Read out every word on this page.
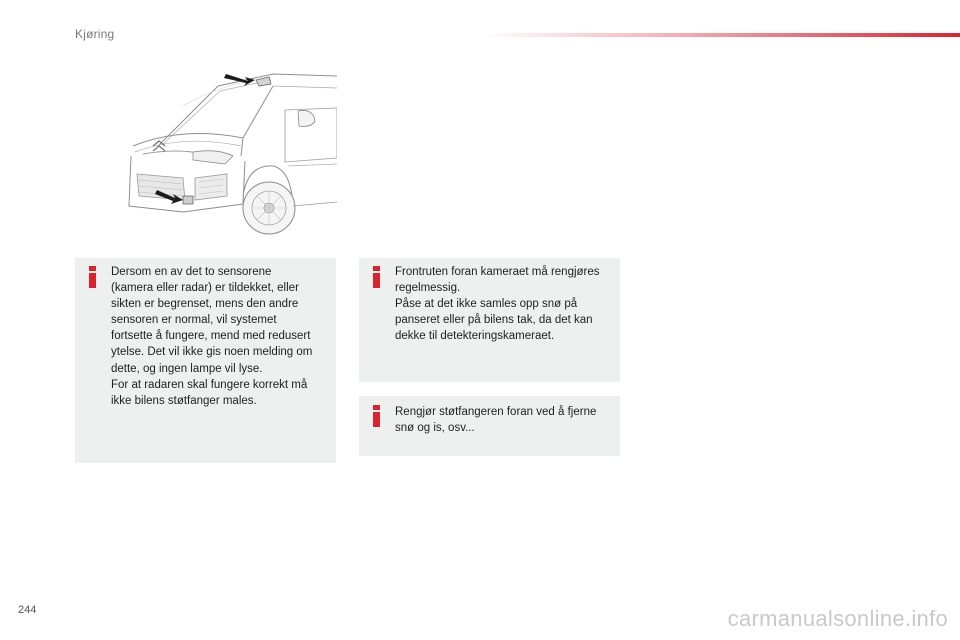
Kjøring
Dersom en av det to sensorene
(kamera eller radar) er tildekket, eller
sikten er begrenset, mens den andre
sensoren er normal, vil systemet
fortsette å fungere, mend med redusert
ytelse. Det vil ikke gis noen melding om
dette, og ingen lampe vil lyse.
For at radaren skal fungere korrekt må
ikke bilens støtfanger males.
Frontruten foran kameraet må rengjøres
regelmessig.
Påse at det ikke samles opp snø på
panseret eller på bilens tak, da det kan
dekke til detekteringskameraet.
Rengjør støtfangeren foran ved å fjerne
snø og is, osv...
244	carmanualsonline.info
